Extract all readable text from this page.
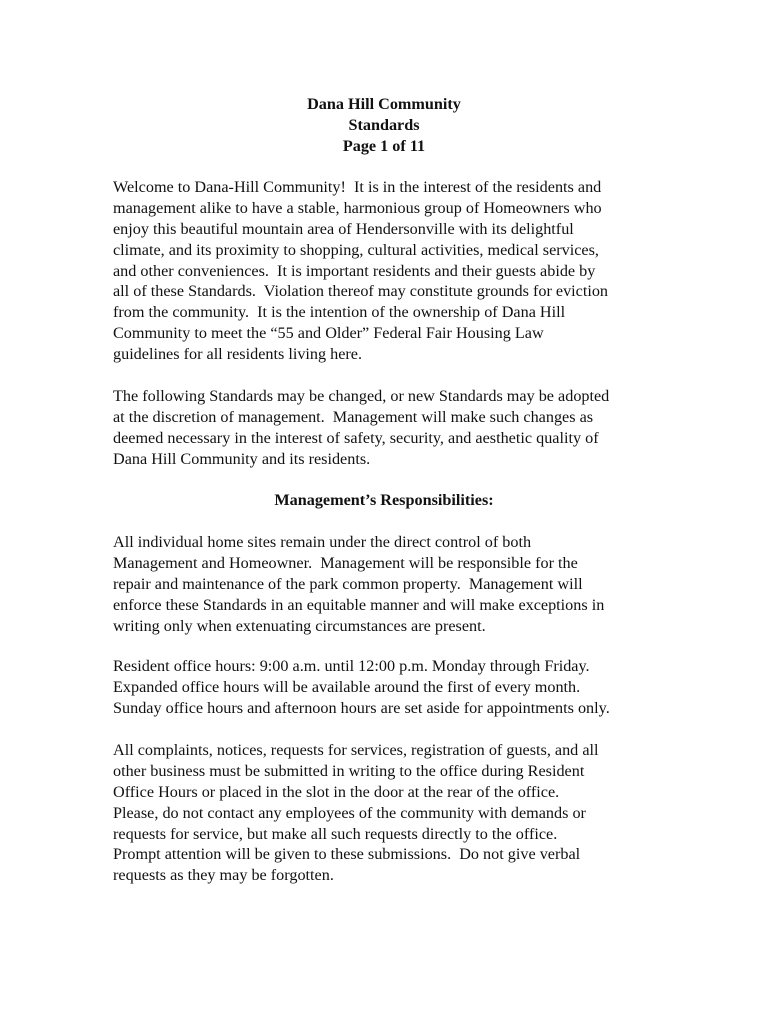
Dana Hill Community
Standards
Page 1 of 11
Welcome to Dana-Hill Community!  It is in the interest of the residents and
management alike to have a stable, harmonious group of Homeowners who
enjoy this beautiful mountain area of Hendersonville with its delightful
climate, and its proximity to shopping, cultural activities, medical services,
and other conveniences.  It is important residents and their guests abide by
all of these Standards.  Violation thereof may constitute grounds for eviction
from the community.  It is the intention of the ownership of Dana Hill
Community to meet the “55 and Older” Federal Fair Housing Law
guidelines for all residents living here.
The following Standards may be changed, or new Standards may be adopted
at the discretion of management.  Management will make such changes as
deemed necessary in the interest of safety, security, and aesthetic quality of
Dana Hill Community and its residents.
Management’s Responsibilities:
All individual home sites remain under the direct control of both
Management and Homeowner.  Management will be responsible for the
repair and maintenance of the park common property.  Management will
enforce these Standards in an equitable manner and will make exceptions in
writing only when extenuating circumstances are present.
Resident office hours: 9:00 a.m. until 12:00 p.m. Monday through Friday.
Expanded office hours will be available around the first of every month.
Sunday office hours and afternoon hours are set aside for appointments only.
All complaints, notices, requests for services, registration of guests, and all
other business must be submitted in writing to the office during Resident
Office Hours or placed in the slot in the door at the rear of the office.
Please, do not contact any employees of the community with demands or
requests for service, but make all such requests directly to the office.
Prompt attention will be given to these submissions.  Do not give verbal
requests as they may be forgotten.
